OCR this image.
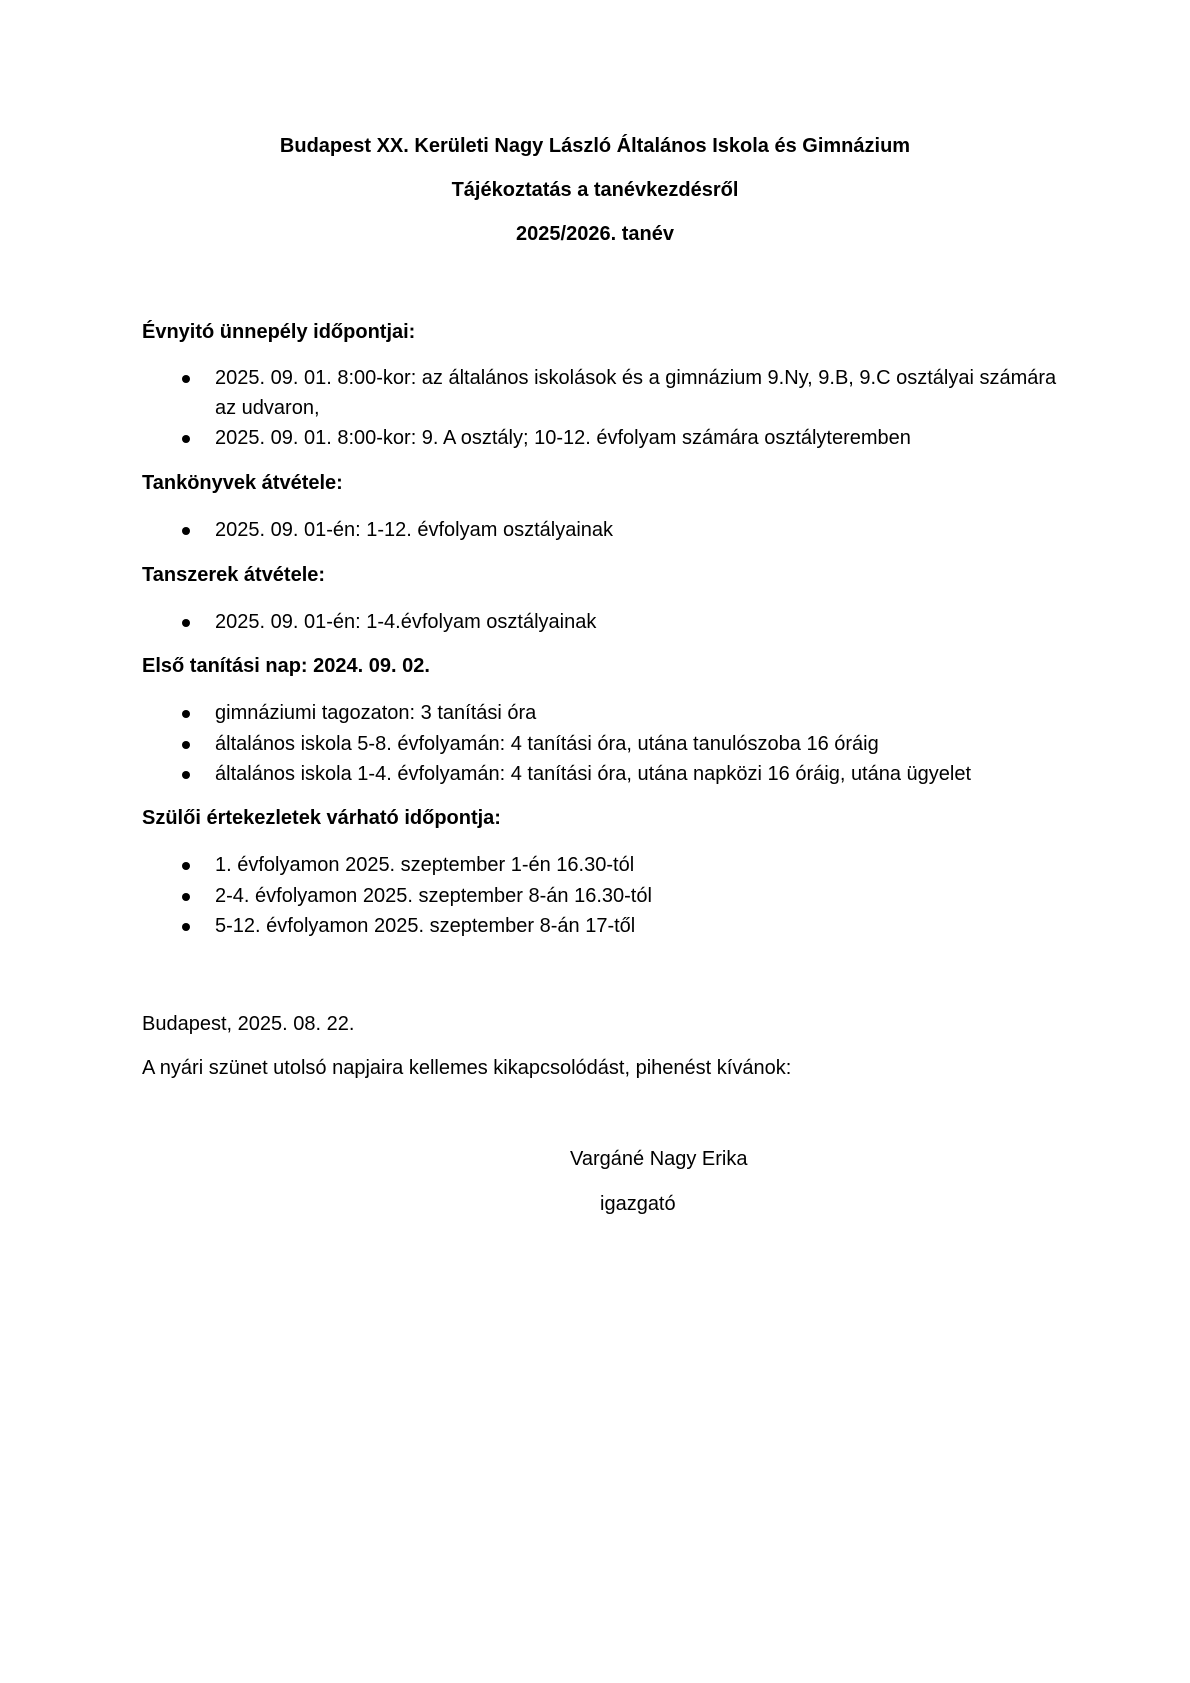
Budapest XX. Kerületi Nagy László Általános Iskola és Gimnázium
Tájékoztatás a tanévkezdésről
2025/2026. tanév
Évnyitó ünnepély időpontjai:
2025. 09. 01. 8:00-kor: az általános iskolások és a gimnázium 9.Ny, 9.B, 9.C osztályai számára az udvaron,
2025. 09. 01. 8:00-kor: 9. A osztály; 10-12. évfolyam számára osztályteremben
Tankönyvek átvétele:
2025. 09. 01-én: 1-12. évfolyam osztályainak
Tanszerek átvétele:
2025. 09. 01-én: 1-4.évfolyam osztályainak
Első tanítási nap: 2024. 09. 02.
gimnáziumi tagozaton: 3 tanítási óra
általános iskola 5-8. évfolyamán: 4 tanítási óra, utána tanulószoba 16 óráig
általános iskola 1-4. évfolyamán: 4 tanítási óra, utána napközi 16 óráig, utána ügyelet
Szülői értekezletek várható időpontja:
1. évfolyamon 2025. szeptember 1-én 16.30-tól
2-4. évfolyamon 2025. szeptember 8-án 16.30-tól
5-12. évfolyamon 2025. szeptember 8-án 17-től
Budapest, 2025. 08. 22.
A nyári szünet utolsó napjaira kellemes kikapcsolódást, pihenést kívánok:
Vargáné Nagy Erika
igazgató
